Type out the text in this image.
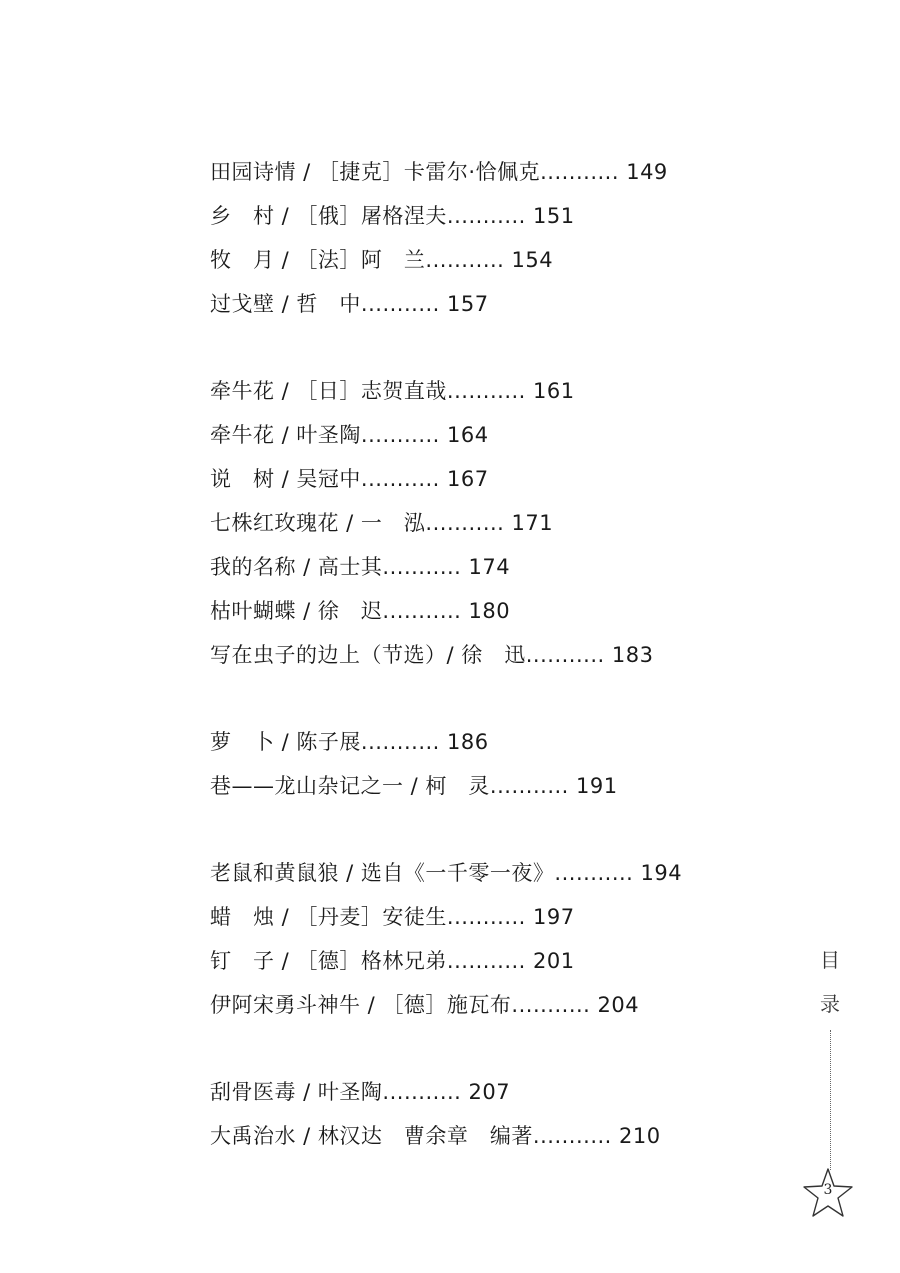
田园诗情 / ［捷克］卡雷尔·恰佩克........... 149
乡　村 / ［俄］屠格涅夫........... 151
牧　月 / ［法］阿　兰........... 154
过戈壁 / 哲　中........... 157
牵牛花 / ［日］志贺直哉........... 161
牵牛花 / 叶圣陶........... 164
说　树 / 吴冠中........... 167
七株红玫瑰花 / 一　泓........... 171
我的名称 / 高士其........... 174
枯叶蝴蝶 / 徐　迟........... 180
写在虫子的边上（节选）/ 徐　迅........... 183
萝　卜 / 陈子展........... 186
巷——龙山杂记之一 / 柯　灵........... 191
老鼠和黄鼠狼 / 选自《一千零一夜》........... 194
蜡　烛 / ［丹麦］安徒生........... 197
钉　子 / ［德］格林兄弟........... 201
伊阿宋勇斗神牛 / ［德］施瓦布........... 204
刮骨医毒 / 叶圣陶........... 207
大禹治水 / 林汉达　曹余章　编著........... 210
目
录
3
